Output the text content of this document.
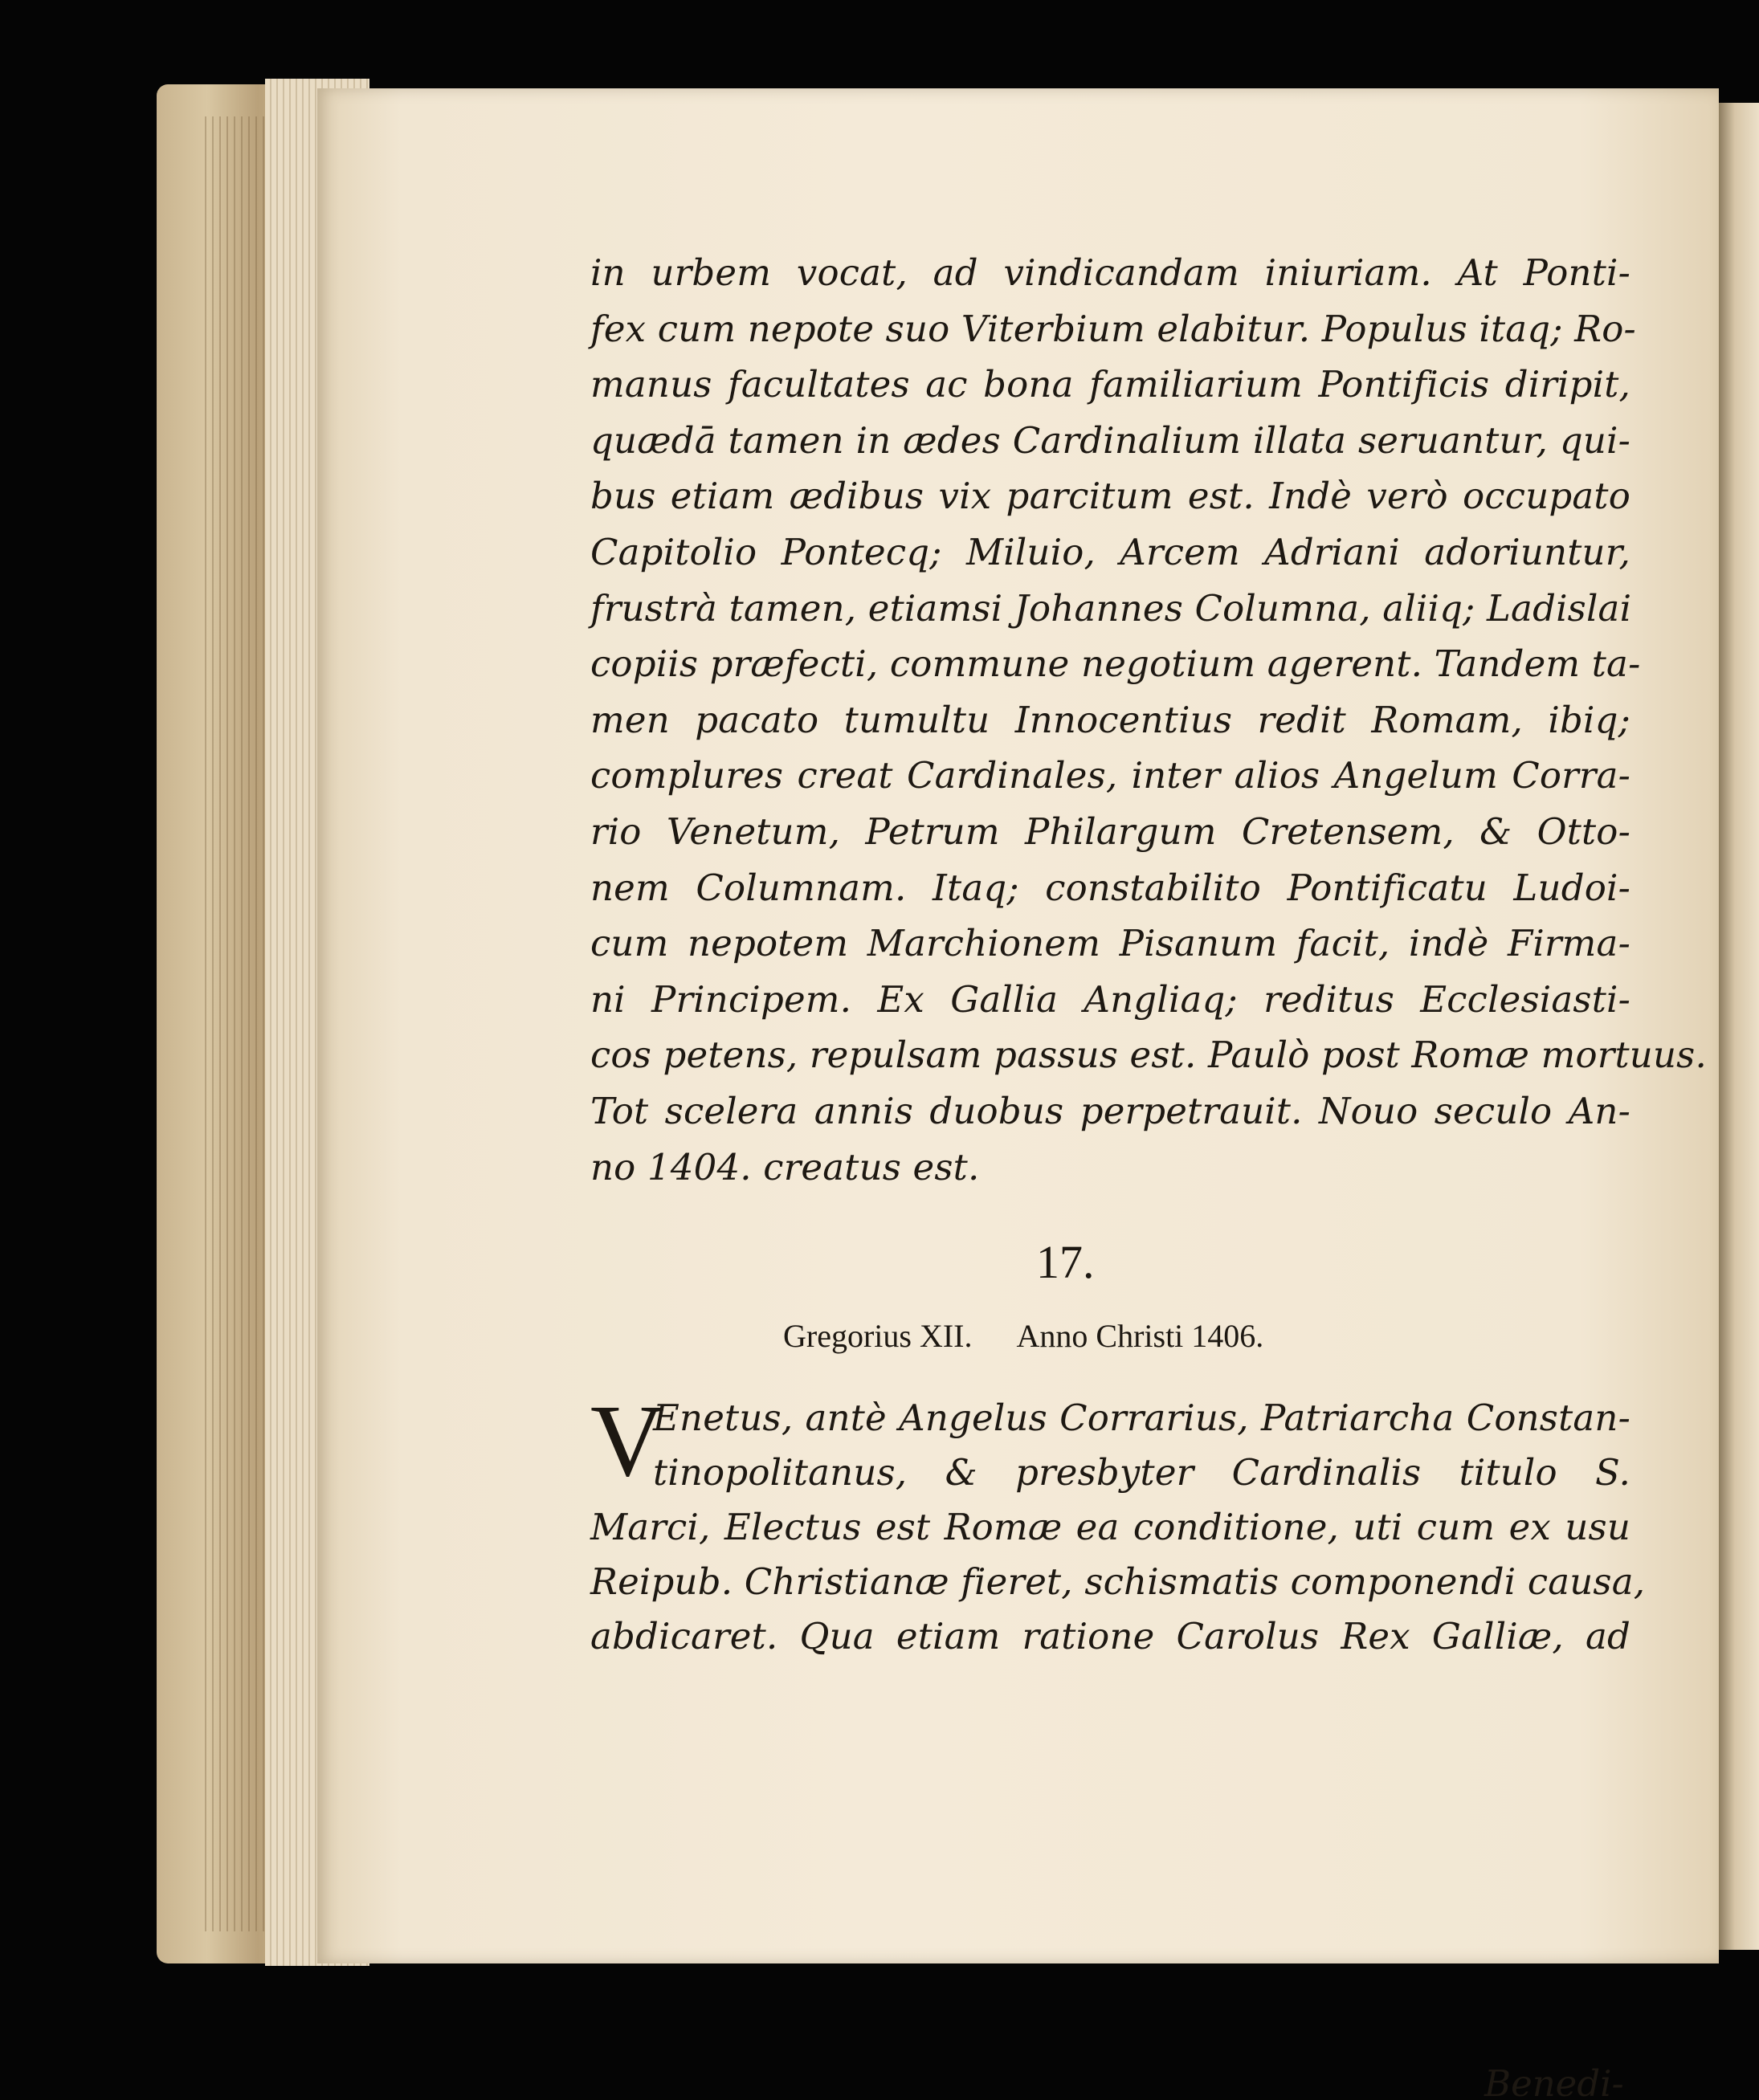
in urbem vocat, ad vindicandam iniuriam. At Ponti-
fex cum nepote suo Viterbium elabitur. Populus itaq; Ro-
manus facultates ac bona familiarium Pontificis diripit,
quædā tamen in ædes Cardinalium illata seruantur, qui-
bus etiam ædibus vix parcitum est. Indè verò occupato
Capitolio Pontecq; Miluio, Arcem Adriani adoriuntur,
frustrà tamen, etiamsi Johannes Columna, aliiq; Ladislai
copiis præfecti, commune negotium agerent. Tandem ta-
men pacato tumultu Innocentius redit Romam, ibiq;
complures creat Cardinales, inter alios Angelum Corra-
rio Venetum, Petrum Philargum Cretensem, & Otto-
nem Columnam. Itaq; constabilito Pontificatu Ludoi-
cum nepotem Marchionem Pisanum facit, indè Firma-
ni Principem. Ex Gallia Angliaq; reditus Ecclesiasti-
cos petens, repulsam passus est. Paulò post Romæ mortuus.
Tot scelera annis duobus perpetrauit. Nouo seculo An-
no 1404. creatus est.
17.
Gregorius XII. Anno Christi 1406.
V
Enetus, antè Angelus Corrarius, Patriarcha Constan-
tinopolitanus, & presbyter Cardinalis titulo S.
Marci, Electus est Romæ ea conditione, uti cum ex usu
Reipub. Christianæ fieret, schismatis componendi causa,
abdicaret. Qua etiam ratione Carolus Rex Galliæ, ad
Benedi-
